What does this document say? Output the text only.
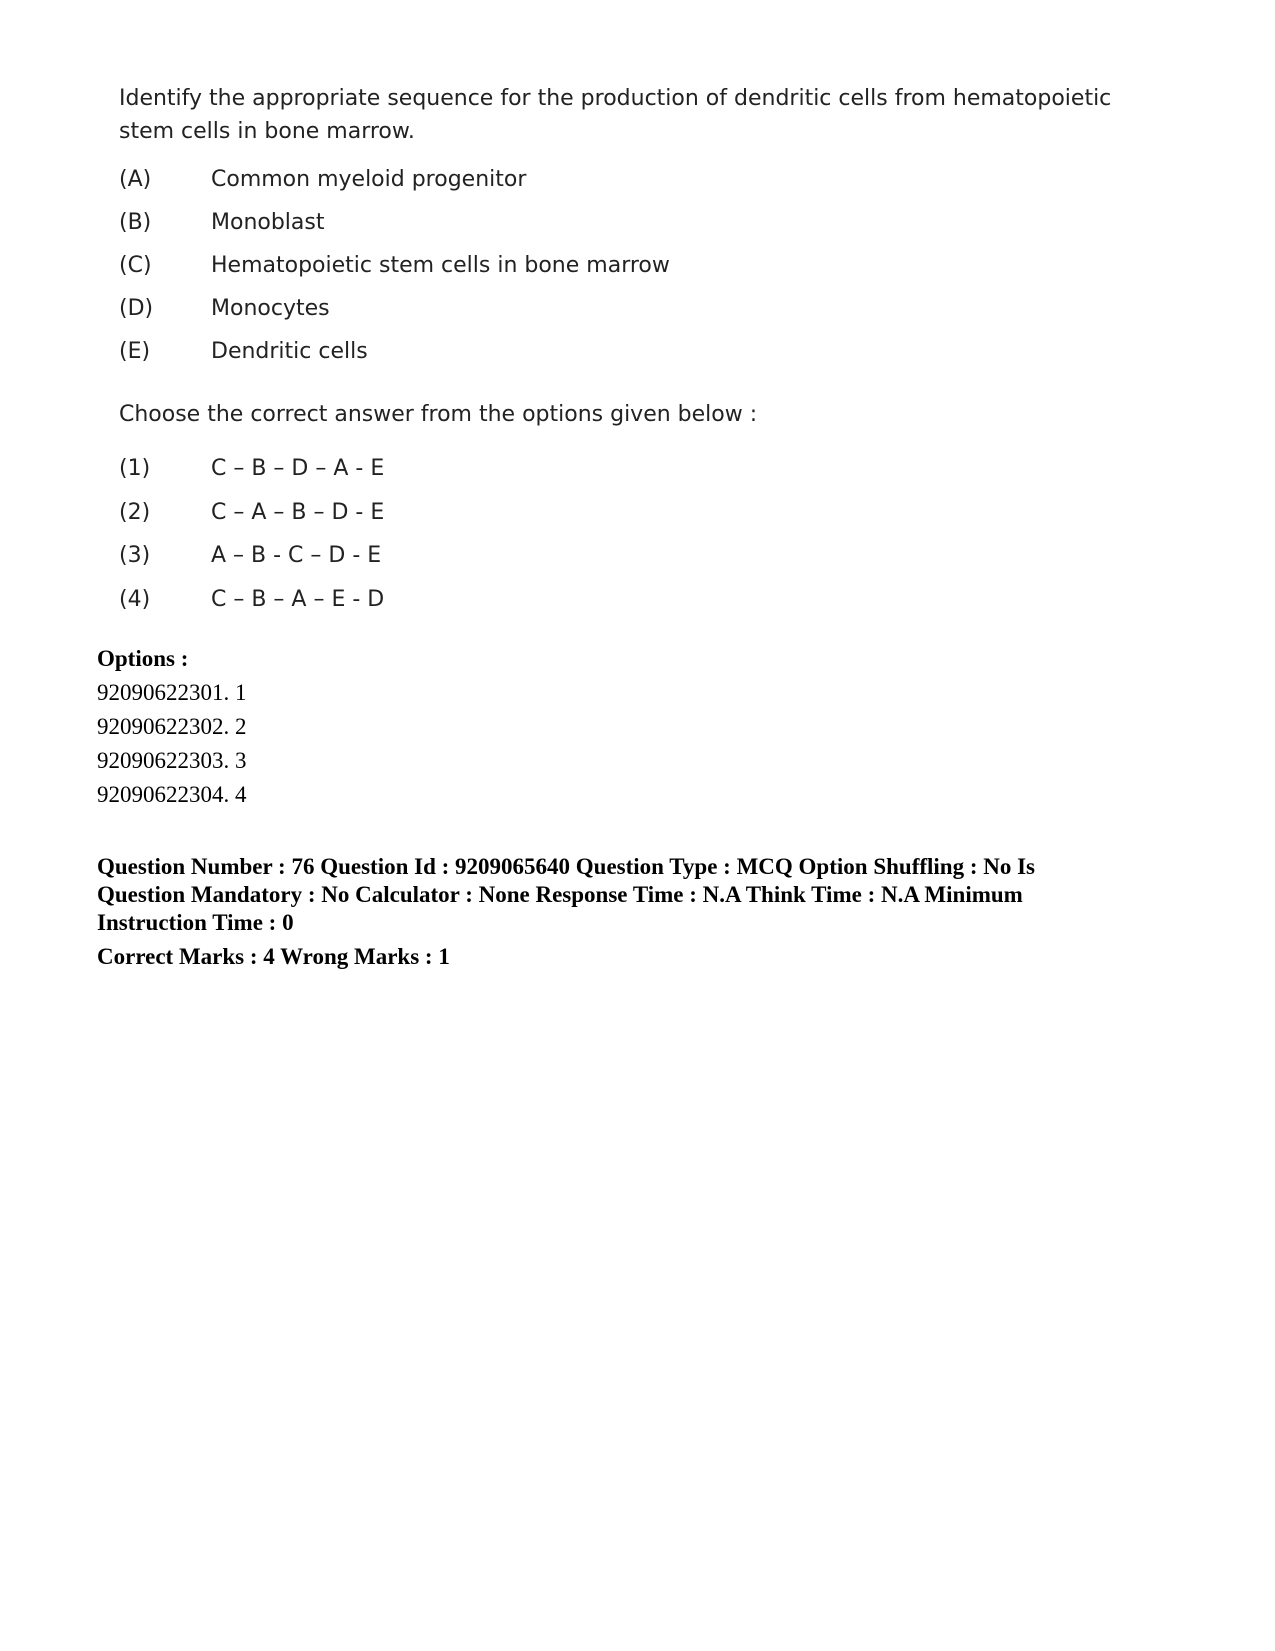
Identify the appropriate sequence for the production of dendritic cells from hematopoietic stem cells in bone marrow.

(A)	Common myeloid progenitor
(B)	Monoblast
(C)	Hematopoietic stem cells in bone marrow
(D)	Monocytes
(E)	Dendritic cells
Choose the correct answer from the options given below :
(1)	C – B – D – A - E
(2)	C – A – B – D - E
(3)	A – B - C – D - E
(4)	C – B – A – E - D
Options :
92090622301. 1
92090622302. 2
92090622303. 3
92090622304. 4
Question Number : 76 Question Id : 9209065640 Question Type : MCQ Option Shuffling : No Is
Question Mandatory : No Calculator : None Response Time : N.A Think Time : N.A Minimum
Instruction Time : 0
Correct Marks : 4 Wrong Marks : 1
